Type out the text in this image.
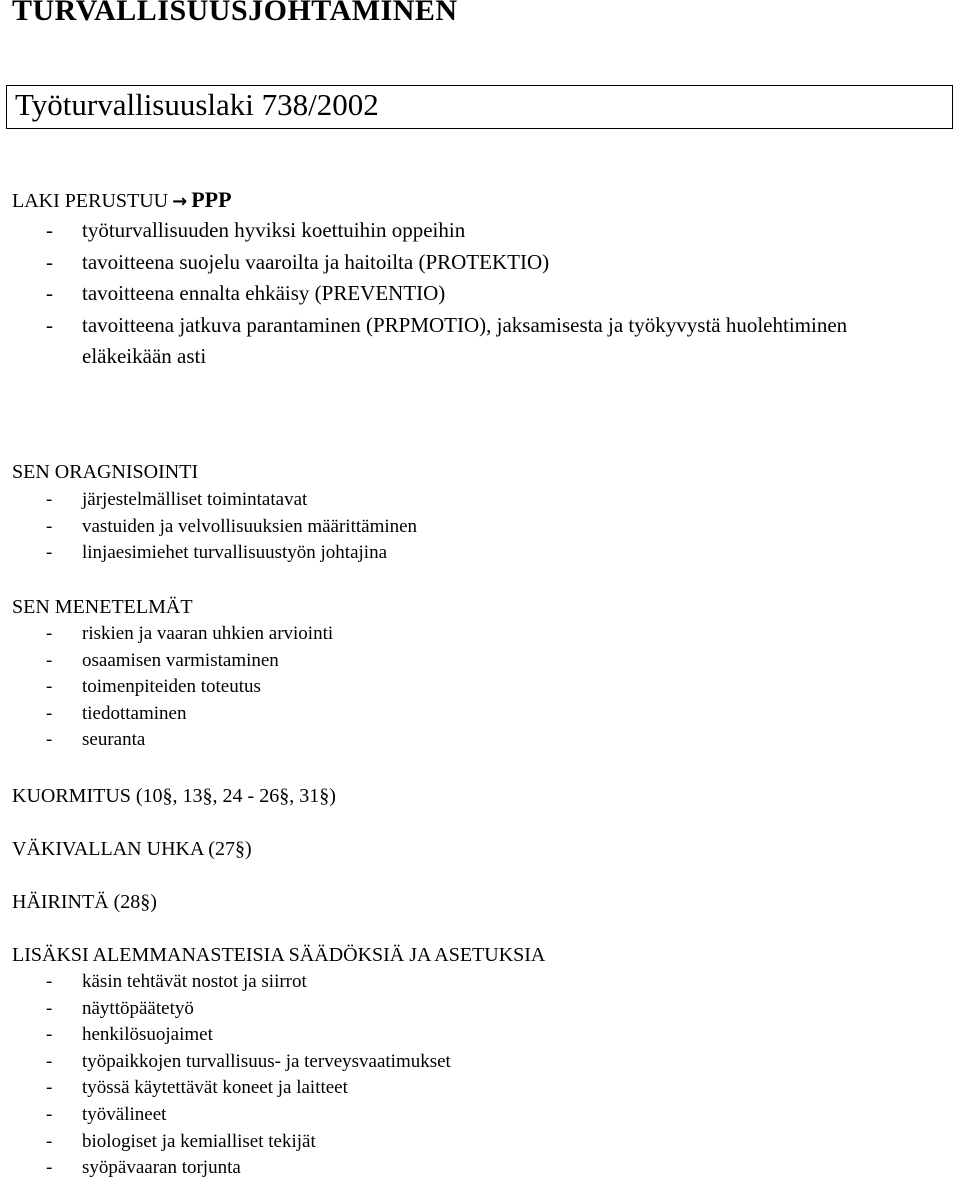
TURVALLISUUSJOHTAMINEN
Työturvallisuuslaki 738/2002
LAKI PERUSTUU → PPP
- työturvallisuuden hyviksi koettuihin oppeihin
- tavoitteena suojelu vaaroilta ja haitoilta (PROTEKTIO)
- tavoitteena ennalta ehkäisy (PREVENTIO)
- tavoitteena jatkuva parantaminen (PRPMOTIO), jaksamisesta ja työkyvystä huolehtiminen eläkeikään asti
SEN ORAGNISOINTI
- järjestelmälliset toimintatavat
- vastuiden ja velvollisuuksien määrittäminen
- linjaesimiehet turvallisuustyön johtajina
SEN MENETELMÄT
- riskien ja vaaran uhkien arviointi
- osaamisen varmistaminen
- toimenpiteiden toteutus
- tiedottaminen
- seuranta
KUORMITUS (10§, 13§, 24 - 26§, 31§)
VÄKIVALLAN UHKA (27§)
HÄIRINTÄ (28§)
LISÄKSI ALEMMANASTEISIA SÄÄDÖKSIÄ JA ASETUKSIA
- käsin tehtävät nostot ja siirrot
- näyttöpäätetyö
- henkilösuojaimet
- työpaikkojen turvallisuus- ja terveysvaatimukset
- työssä käytettävät koneet ja laitteet
- työvälineet
- biologiset ja kemialliset tekijät
- syöpävaaran torjunta
